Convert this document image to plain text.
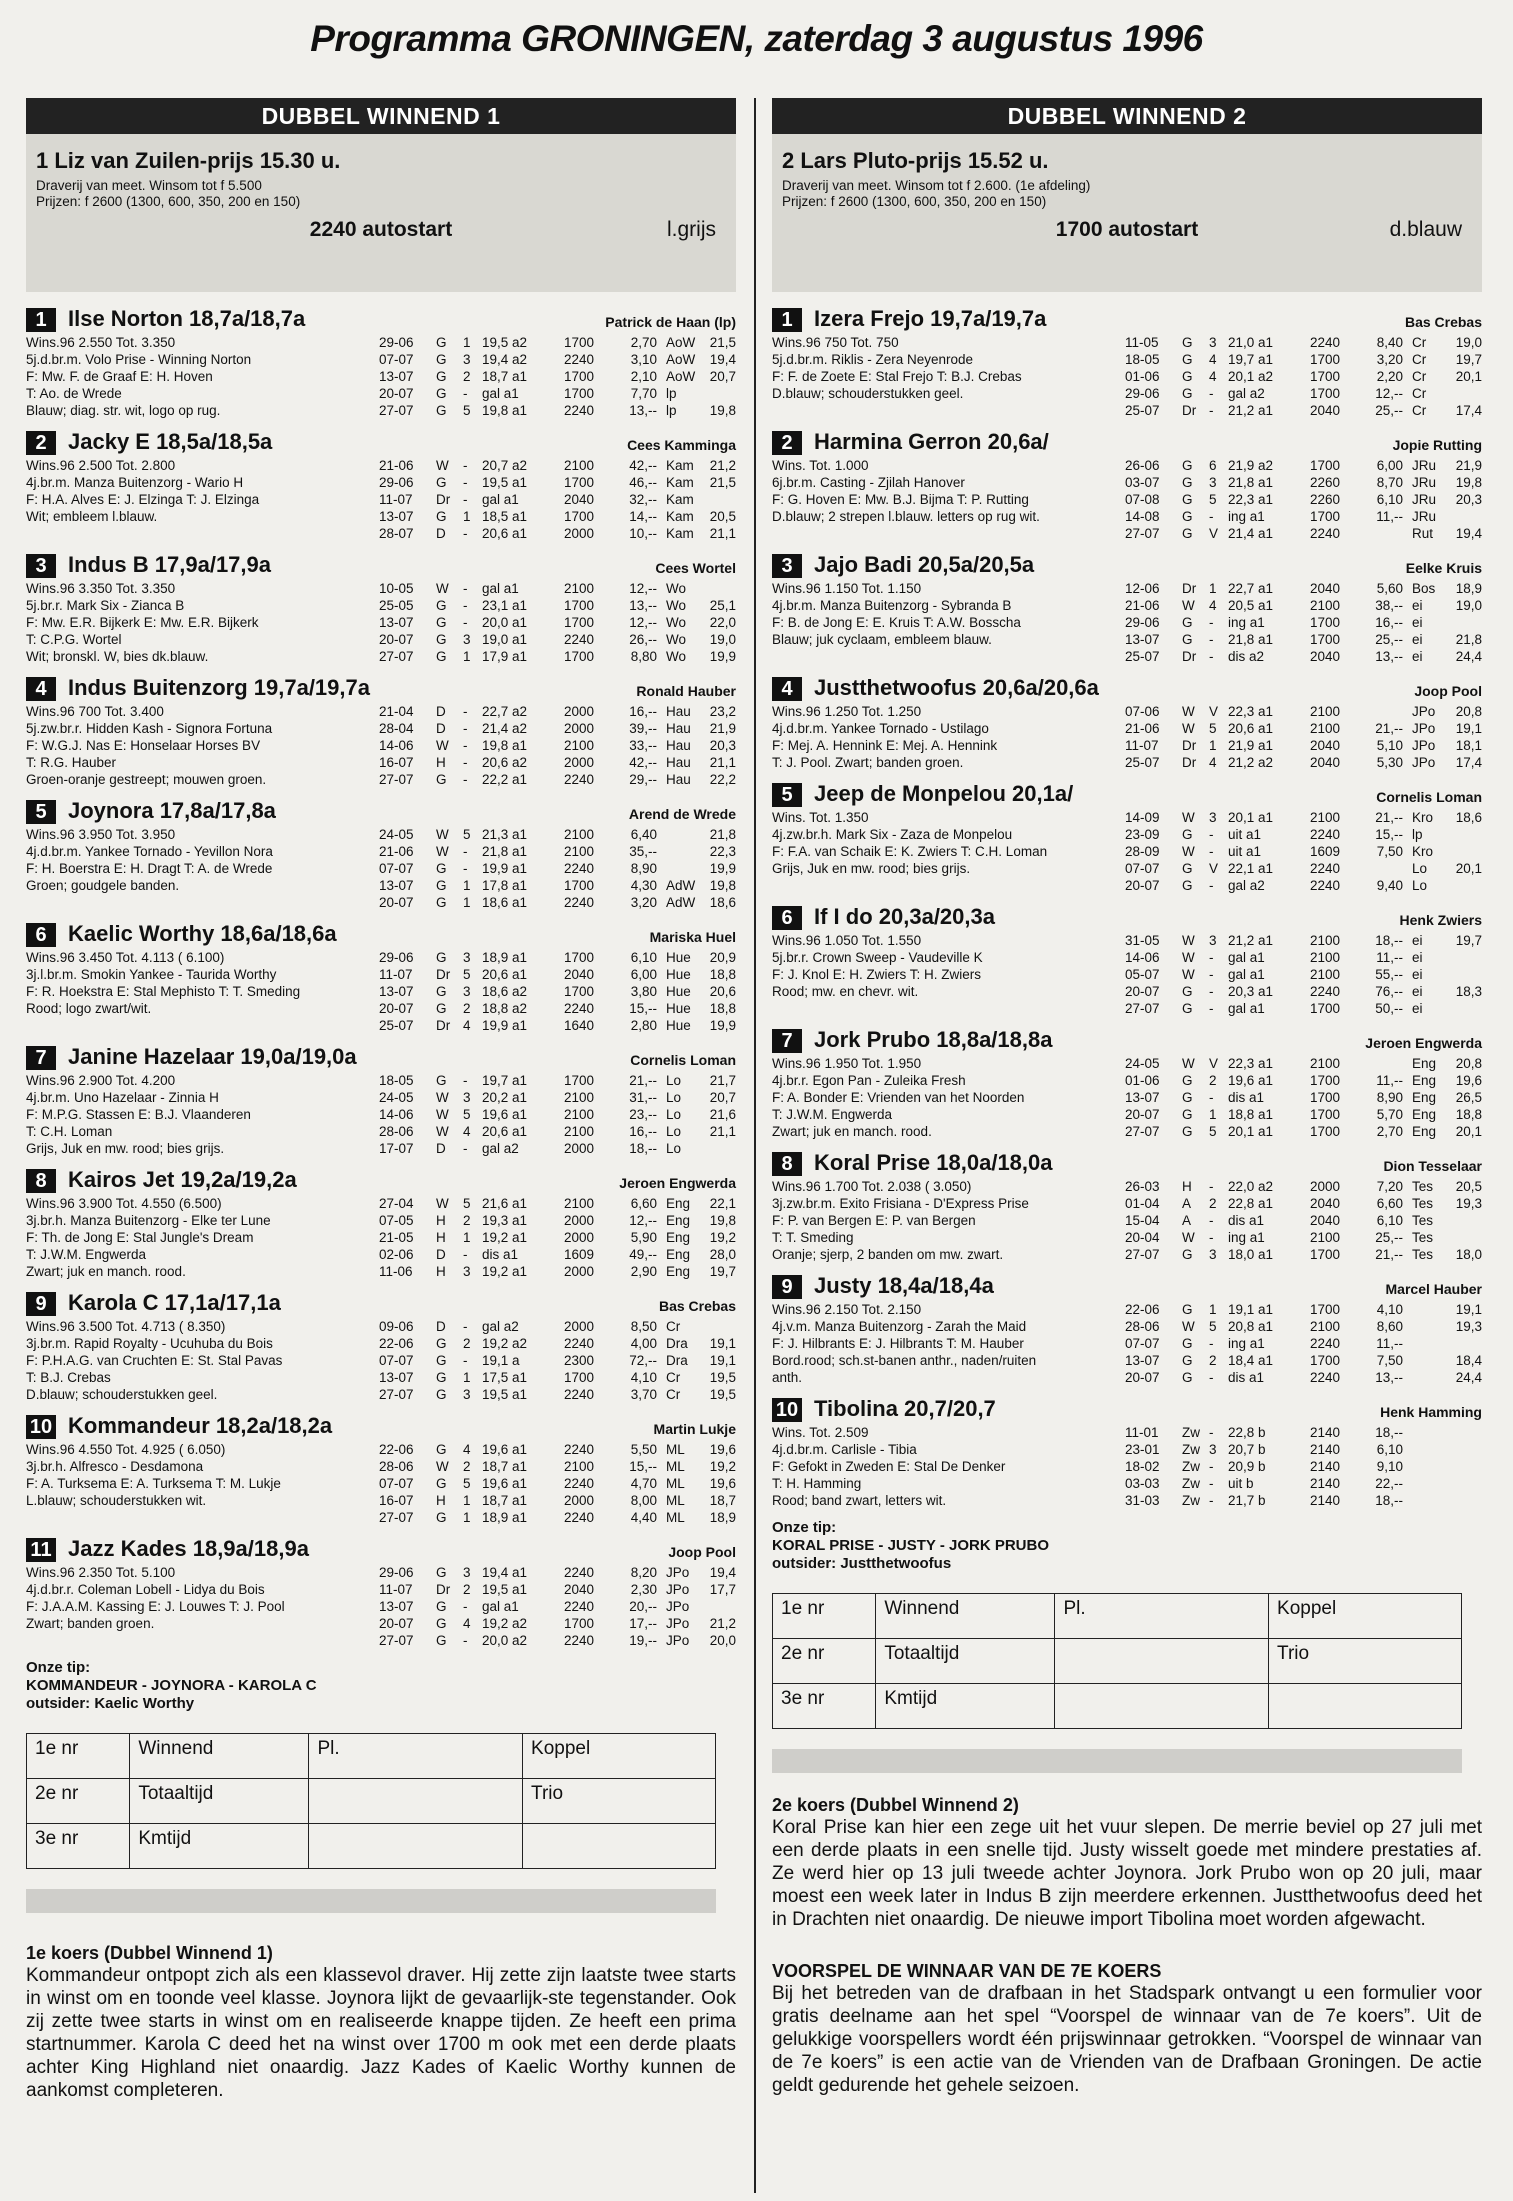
Programma GRONINGEN, zaterdag 3 augustus 1996
DUBBEL WINNEND 1
1 Liz van Zuilen-prijs 15.30 u.
Draverij van meet. Winsom tot f 5.500
Prijzen: f 2600 (1300, 600, 350, 200 en 150)
2240 autostart	l.grijs
1 Ilse Norton 18,7a/18,7a	Patrick de Haan (lp)
Wins.96 2.550 Tot. 3.350
5j.d.br.m. Volo Prise - Winning Norton
F: Mw. F. de Graaf E: H. Hoven
T: Ao. de Wrede
Blauw; diag. str. wit, logo op rug.
29-06 G 1 19,5 a2	1700	2,70 AoW 21,5
07-07 G 3 19,4 a2	2240	3,10 AoW 19,4
13-07 G 2 18,7 a1	1700	2,10 AoW 20,7
20-07 G - gal a1	1700	7,70 lp
27-07 G 5 19,8 a1	2240	13,-- lp 19,8
2 Jacky E 18,5a/18,5a	Cees Kamminga
Wins.96 2.500 Tot. 2.800
4j.br.m. Manza Buitenzorg - Wario H
F: H.A. Alves E: J. Elzinga T: J. Elzinga
Wit; embleem l.blauw.
21-06 W - 20,7 a2	2100	42,-- Kam 21,2
29-06 G - 19,5 a1	1700	46,-- Kam 21,5
11-07 Dr - gal a1	2040	32,-- Kam
13-07 G 1 18,5 a1	1700	14,-- Kam 20,5
28-07 D - 20,6 a1	2000	10,-- Kam 21,1
3 Indus B 17,9a/17,9a	Cees Wortel
Wins.96 3.350 Tot. 3.350
5j.br.r. Mark Six - Zianca B
F: Mw. E.R. Bijkerk E: Mw. E.R. Bijkerk
T: C.P.G. Wortel
Wit; bronskl. W, bies dk.blauw.
10-05 W - gal a1	2100	12,-- Wo
25-05 G - 23,1 a1	1700	13,-- Wo 25,1
13-07 G - 20,0 a1	1700	12,-- Wo 22,0
20-07 G 3 19,0 a1	2240	26,-- Wo 19,0
27-07 G 1 17,9 a1	1700	8,80 Wo 19,9
4 Indus Buitenzorg 19,7a/19,7a	Ronald Hauber
Wins.96 700 Tot. 3.400
5j.zw.br.r. Hidden Kash - Signora Fortuna
F: W.G.J. Nas E: Honselaar Horses BV
T: R.G. Hauber
Groen-oranje gestreept; mouwen groen.
21-04 D - 22,7 a2	2000	16,-- Hau 23,2
28-04 D - 21,4 a2	2000	39,-- Hau 21,9
14-06 W - 19,8 a1	2100	33,-- Hau 20,3
16-07 H - 20,6 a2	2000	42,-- Hau 21,1
27-07 G - 22,2 a1	2240	29,-- Hau 22,2
5 Joynora 17,8a/17,8a	Arend de Wrede
Wins.96 3.950 Tot. 3.950
4j.d.br.m. Yankee Tornado - Yevillon Nora
F: H. Boerstra E: H. Dragt T: A. de Wrede
Groen; goudgele banden.
24-05 W 5 21,3 a1	2100	6,40	21,8
21-06 W - 21,8 a1	2100	35,--	22,3
07-07 G - 19,9 a1	2240	8,90	19,9
13-07 G 1 17,8 a1	1700	4,30 AdW 19,8
20-07 G 1 18,6 a1	2240	3,20 AdW 18,6
6 Kaelic Worthy 18,6a/18,6a	Mariska Huel
Wins.96 3.450 Tot. 4.113 ( 6.100)
3j.l.br.m. Smokin Yankee - Taurida Worthy
F: R. Hoekstra E: Stal Mephisto T: T. Smeding
Rood; logo zwart/wit.
29-06 G 3 18,9 a1	1700	6,10 Hue 20,9
11-07 Dr 5 20,6 a1	2040	6,00 Hue 18,8
13-07 G 3 18,6 a2	1700	3,80 Hue 20,6
20-07 G 2 18,8 a2	2240	15,-- Hue 18,8
25-07 Dr 4 19,9 a1	1640	2,80 Hue 19,9
7 Janine Hazelaar 19,0a/19,0a	Cornelis Loman
Wins.96 2.900 Tot. 4.200
4j.br.m. Uno Hazelaar - Zinnia H
F: M.P.G. Stassen E: B.J. Vlaanderen
T: C.H. Loman
Grijs, Juk en mw. rood; bies grijs.
18-05 G - 19,7 a1	1700	21,-- Lo 21,7
24-05 W 3 20,2 a1	2100	31,-- Lo 20,7
14-06 W 5 19,6 a1	2100	23,-- Lo 21,6
28-06 W 4 20,6 a1	2100	16,-- Lo 21,1
17-07 D - gal a2	2000	18,-- Lo
8 Kairos Jet 19,2a/19,2a	Jeroen Engwerda
Wins.96 3.900 Tot. 4.550 (6.500)
3j.br.h. Manza Buitenzorg - Elke ter Lune
F: Th. de Jong E: Stal Jungle's Dream
T: J.W.M. Engwerda
Zwart; juk en manch. rood.
27-04 W 5 21,6 a1	2100	6,60 Eng 22,1
07-05 H 2 19,3 a1	2000	12,-- Eng 19,8
21-05 H 1 19,2 a1	2000	5,90 Eng 19,2
02-06 D - dis a1	1609	49,-- Eng 28,0
11-06 H 3 19,2 a1	2000	2,90 Eng 19,7
9 Karola C 17,1a/17,1a	Bas Crebas
Wins.96 3.500 Tot. 4.713 ( 8.350)
3j.br.m. Rapid Royalty - Ucuhuba du Bois
F: P.H.A.G. van Cruchten E: St. Stal Pavas
T: B.J. Crebas
D.blauw; schouderstukken geel.
09-06 D - gal a2	2000	8,50 Cr
22-06 G 2 19,2 a2	2240	4,00 Dra 19,1
07-07 G - 19,1 a	2300	72,-- Dra 19,1
13-07 G 1 17,5 a1	1700	4,10 Cr 19,5
27-07 G 3 19,5 a1	2240	3,70 Cr 19,5
10 Kommandeur 18,2a/18,2a	Martin Lukje
Wins.96 4.550 Tot. 4.925 ( 6.050)
3j.br.h. Alfresco - Desdamona
F: A. Turksema E: A. Turksema T: M. Lukje
L.blauw; schouderstukken wit.
22-06 G 4 19,6 a1	2240	5,50 ML 19,6
28-06 W 2 18,7 a1	2100	15,-- ML 19,2
07-07 G 5 19,6 a1	2240	4,70 ML 19,6
16-07 H 1 18,7 a1	2000	8,00 ML 18,7
27-07 G 1 18,9 a1	2240	4,40 ML 18,9
11 Jazz Kades 18,9a/18,9a	Joop Pool
Wins.96 2.350 Tot. 5.100
4j.d.br.r. Coleman Lobell - Lidya du Bois
F: J.A.A.M. Kassing E: J. Louwes T: J. Pool
Zwart; banden groen.
29-06 G 3 19,4 a1	2240	8,20 JPo 19,4
11-07 Dr 2 19,5 a1	2040	2,30 JPo 17,7
13-07 G - gal a1	2240	20,-- JPo
20-07 G 4 19,2 a2	1700	17,-- JPo 21,2
27-07 G - 20,0 a2	2240	19,-- JPo 20,0
Onze tip:
KOMMANDEUR - JOYNORA - KAROLA C
outsider: Kaelic Worthy
1e nr	Winnend	Pl.	Koppel
2e nr	Totaaltijd		Trio
3e nr	Kmtijd		
1e koers (Dubbel Winnend 1)
Kommandeur ontpopt zich als een klassevol draver. Hij zette zijn laatste twee starts in winst om en toonde veel klasse. Joynora lijkt de gevaarlijk-ste tegenstander. Ook zij zette twee starts in winst om en realiseerde knappe tijden. Ze heeft een prima startnummer. Karola C deed het na winst over 1700 m ook met een derde plaats achter King Highland niet onaardig. Jazz Kades of Kaelic Worthy kunnen de aankomst completeren.
DUBBEL WINNEND 2
2 Lars Pluto-prijs 15.52 u.
Draverij van meet. Winsom tot f 2.600. (1e afdeling)
Prijzen: f 2600 (1300, 600, 350, 200 en 150)
1700 autostart	d.blauw
1 Izera Frejo 19,7a/19,7a	Bas Crebas
Wins.96 750 Tot. 750
5j.d.br.m. Riklis - Zera Neyenrode
F: F. de Zoete E: Stal Frejo T: B.J. Crebas
D.blauw; schouderstukken geel.
11-05 G 3 21,0 a1	2240	8,40 Cr 19,0
18-05 G 4 19,7 a1	1700	3,20 Cr 19,7
01-06 G 4 20,1 a2	1700	2,20 Cr 20,1
29-06 G - gal a2	1700	12,-- Cr
25-07 Dr - 21,2 a1	2040	25,-- Cr 17,4
2 Harmina Gerron 20,6a/	Jopie Rutting
Wins. Tot. 1.000
6j.br.m. Casting - Zjilah Hanover
F: G. Hoven E: Mw. B.J. Bijma T: P. Rutting
D.blauw; 2 strepen l.blauw. letters op rug wit.
26-06 G 6 21,9 a2	1700	6,00 JRu 21,9
03-07 G 3 21,8 a1	2260	8,70 JRu 19,8
07-08 G 5 22,3 a1	2260	6,10 JRu 20,3
14-08 G - ing a1	1700	11,-- JRu
27-07 G V 21,4 a1	2240	Rut 19,4
3 Jajo Badi 20,5a/20,5a	Eelke Kruis
Wins.96 1.150 Tot. 1.150
4j.br.m. Manza Buitenzorg - Sybranda B
F: B. de Jong E: E. Kruis T: A.W. Bosscha
Blauw; juk cyclaam, embleem blauw.
12-06 Dr 1 22,7 a1	2040	5,60 Bos 18,9
21-06 W 4 20,5 a1	2100	38,-- ei 19,0
29-06 G - ing a1	1700	16,-- ei
13-07 G - 21,8 a1	1700	25,-- ei 21,8
25-07 Dr - dis a2	2040	13,-- ei 24,4
4 Justthetwoofus 20,6a/20,6a	Joop Pool
Wins.96 1.250 Tot. 1.250
4j.d.br.m. Yankee Tornado - Ustilago
F: Mej. A. Hennink E: Mej. A. Hennink
T: J. Pool. Zwart; banden groen.
07-06 W V 22,3 a1	2100	JPo 20,8
21-06 W 5 20,6 a1	2100	21,-- JPo 19,1
11-07 Dr 1 21,9 a1	2040	5,10 JPo 18,1
25-07 Dr 4 21,2 a2	2040	5,30 JPo 17,4
5 Jeep de Monpelou 20,1a/	Cornelis Loman
Wins. Tot. 1.350
4j.zw.br.h. Mark Six - Zaza de Monpelou
F: F.A. van Schaik E: K. Zwiers T: C.H. Loman
Grijs, Juk en mw. rood; bies grijs.
14-09 W 3 20,1 a1	2100	21,-- Kro 18,6
23-09 G - uit a1	2240	15,-- lp
28-09 W - uit a1	1609	7,50 Kro
07-07 G V 22,1 a1	2240	Lo 20,1
20-07 G - gal a2	2240	9,40 Lo
6 If I do 20,3a/20,3a	Henk Zwiers
Wins.96 1.050 Tot. 1.550
5j.br.r. Crown Sweep - Vaudeville K
F: J. Knol E: H. Zwiers T: H. Zwiers
Rood; mw. en chevr. wit.
31-05 W 3 21,2 a1	2100	18,-- ei 19,7
14-06 W - gal a1	2100	11,-- ei
05-07 W - gal a1	2100	55,-- ei
20-07 G - 20,3 a1	2240	76,-- ei 18,3
27-07 G - gal a1	1700	50,-- ei
7 Jork Prubo 18,8a/18,8a	Jeroen Engwerda
Wins.96 1.950 Tot. 1.950
4j.br.r. Egon Pan - Zuleika Fresh
F: A. Bonder E: Vrienden van het Noorden
T: J.W.M. Engwerda
Zwart; juk en manch. rood.
24-05 W V 22,3 a1	2100	Eng 20,8
01-06 G 2 19,6 a1	1700	11,-- Eng 19,6
13-07 G - dis a1	1700	8,90 Eng 26,5
20-07 G 1 18,8 a1	1700	5,70 Eng 18,8
27-07 G 5 20,1 a1	1700	2,70 Eng 20,1
8 Koral Prise 18,0a/18,0a	Dion Tesselaar
Wins.96 1.700 Tot. 2.038 ( 3.050)
3j.zw.br.m. Exito Frisiana - D'Express Prise
F: P. van Bergen E: P. van Bergen
T: T. Smeding
Oranje; sjerp, 2 banden om mw. zwart.
26-03 H - 22,0 a2	2000	7,20 Tes 20,5
01-04 A 2 22,8 a1	2040	6,60 Tes 19,3
15-04 A - dis a1	2040	6,10 Tes
20-04 W - ing a1	2100	25,-- Tes
27-07 G 3 18,0 a1	1700	21,-- Tes 18,0
9 Justy 18,4a/18,4a	Marcel Hauber
Wins.96 2.150 Tot. 2.150
4j.v.m. Manza Buitenzorg - Zarah the Maid
F: J. Hilbrants E: J. Hilbrants T: M. Hauber
Bord.rood; sch.st-banen anthr., naden/ruiten
anth.
22-06 G 1 19,1 a1	1700	4,10	19,1
28-06 W 5 20,8 a1	2100	8,60	19,3
07-07 G - ing a1	2240	11,--
13-07 G 2 18,4 a1	1700	7,50	18,4
20-07 G - dis a1	2240	13,--	24,4
10 Tibolina 20,7/20,7	Henk Hamming
Wins. Tot. 2.509
4j.d.br.m. Carlisle - Tibia
F: Gefokt in Zweden E: Stal De Denker
T: H. Hamming
Rood; band zwart, letters wit.
11-01 Zw - 22,8 b	2140	18,--
23-01 Zw 3 20,7 b	2140	6,10
18-02 Zw - 20,9 b	2140	9,10
03-03 Zw - uit b	2140	22,--
31-03 Zw - 21,7 b	2140	18,--
Onze tip:
KORAL PRISE - JUSTY - JORK PRUBO
outsider: Justthetwoofus
1e nr	Winnend	Pl.	Koppel
2e nr	Totaaltijd		Trio
3e nr	Kmtijd		
2e koers (Dubbel Winnend 2)
Koral Prise kan hier een zege uit het vuur slepen. De merrie beviel op 27 juli met een derde plaats in een snelle tijd. Justy wisselt goede met mindere prestaties af. Ze werd hier op 13 juli tweede achter Joynora. Jork Prubo won op 20 juli, maar moest een week later in Indus B zijn meerdere erkennen. Justthetwoofus deed het in Drachten niet onaardig. De nieuwe import Tibolina moet worden afgewacht.
VOORSPEL DE WINNAAR VAN DE 7E KOERS
Bij het betreden van de drafbaan in het Stadspark ontvangt u een formulier voor gratis deelname aan het spel “Voorspel de winnaar van de 7e koers”. Uit de gelukkige voorspellers wordt één prijswinnaar getrokken. “Voorspel de winnaar van de 7e koers” is een actie van de Vrienden van de Drafbaan Groningen. De actie geldt gedurende het gehele seizoen.
